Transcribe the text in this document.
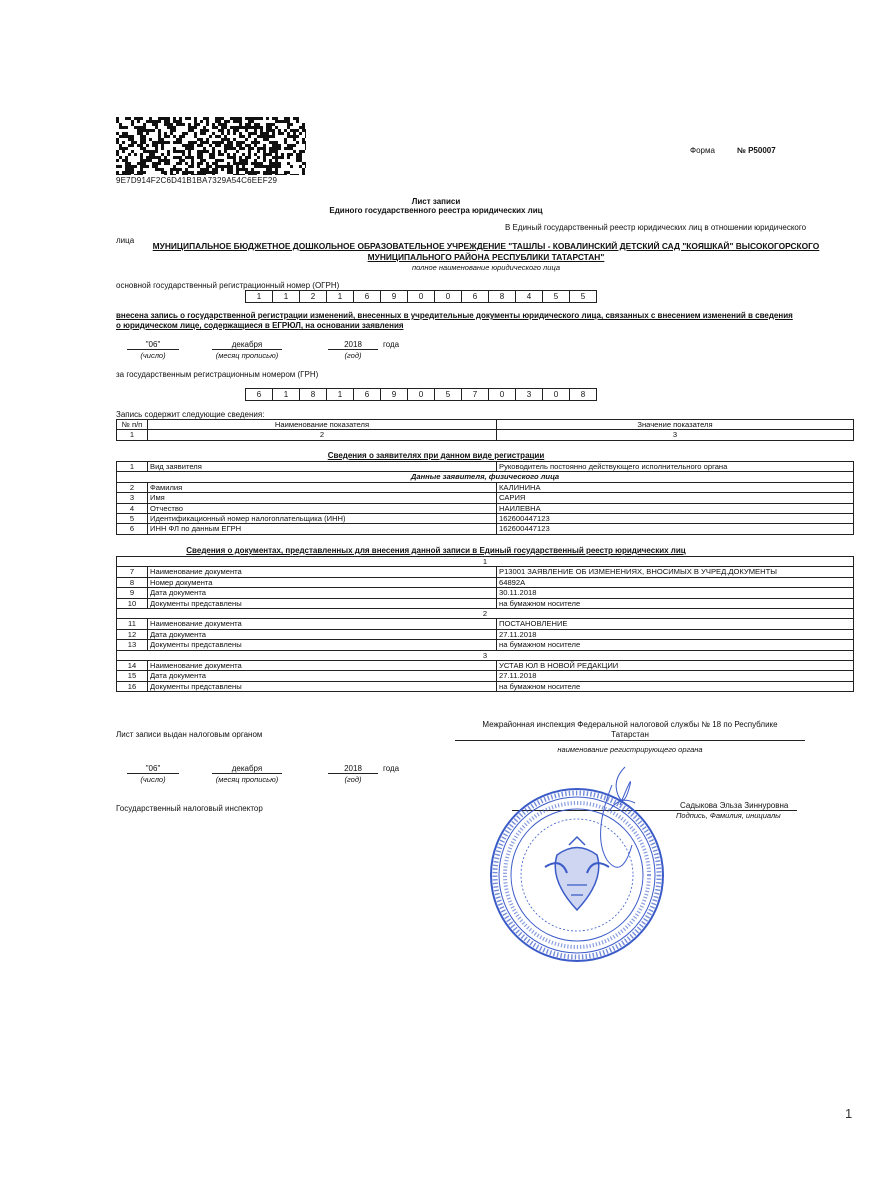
9E7D914F2C6D41B1BA7329A54C6EEF29
Форма	№ Р50007
Лист записи
Единого государственного реестра юридических лиц
В Единый государственный реестр юридических лиц в отношении юридического
лица
МУНИЦИПАЛЬНОЕ БЮДЖЕТНОЕ ДОШКОЛЬНОЕ ОБРАЗОВАТЕЛЬНОЕ УЧРЕЖДЕНИЕ "ТАШЛЫ - КОВАЛИНСКИЙ ДЕТСКИЙ САД "КОЯШКАЙ" ВЫСОКОГОРСКОГО МУНИЦИПАЛЬНОГО РАЙОНА РЕСПУБЛИКИ ТАТАРСТАН"
полное наименование юридического лица
основной государственный регистрационный номер (ОГРН)
1	1	2	1	6	9	0	0	6	8	4	5	5
внесена запись о государственной регистрации изменений, внесенных в учредительные документы юридического лица, связанных с внесением изменений в сведения о юридическом лице, содержащиеся в ЕГРЮЛ, на основании заявления
"06"	декабря	2018	года
(число)	(месяц прописью)	(год)
за государственным регистрационным номером (ГРН)
6	1	8	1	6	9	0	5	7	0	3	0	8
Запись содержит следующие сведения:
№ п/п	Наименование показателя	Значение показателя
1	2	3
Сведения о заявителях при данном виде регистрации
1	Вид заявителя	Руководитель постоянно действующего исполнительного органа
Данные заявителя, физического лица		
2	Фамилия	КАЛИНИНА
3	Имя	САРИЯ
4	Отчество	НАИЛЕВНА
5	Идентификационный номер налогоплательщика (ИНН)	162600447123
6	ИНН ФЛ по данным ЕГРН	162600447123
Сведения о документах, представленных для внесения данной записи в Единый государственный реестр юридических лиц
1		
7	Наименование документа	Р13001 ЗАЯВЛЕНИЕ ОБ ИЗМЕНЕНИЯХ, ВНОСИМЫХ В УЧРЕД.ДОКУМЕНТЫ
8	Номер документа	64892А
9	Дата документа	30.11.2018
10	Документы представлены	на бумажном носителе
2		
11	Наименование документа	ПОСТАНОВЛЕНИЕ
12	Дата документа	27.11.2018
13	Документы представлены	на бумажном носителе
3		
14	Наименование документа	УСТАВ ЮЛ В НОВОЙ РЕДАКЦИИ
15	Дата документа	27.11.2018
16	Документы представлены	на бумажном носителе
Лист записи выдан налоговым органом
Межрайонная инспекция Федеральной налоговой службы № 18 по Республике
Татарстан
наименование регистрирующего органа
"06"	декабря	2018	года
(число)	(месяц прописью)	(год)
Государственный налоговый инспектор	Садыкова Эльза Зиннуровна
Подпись, Фамилия, инициалы
1
